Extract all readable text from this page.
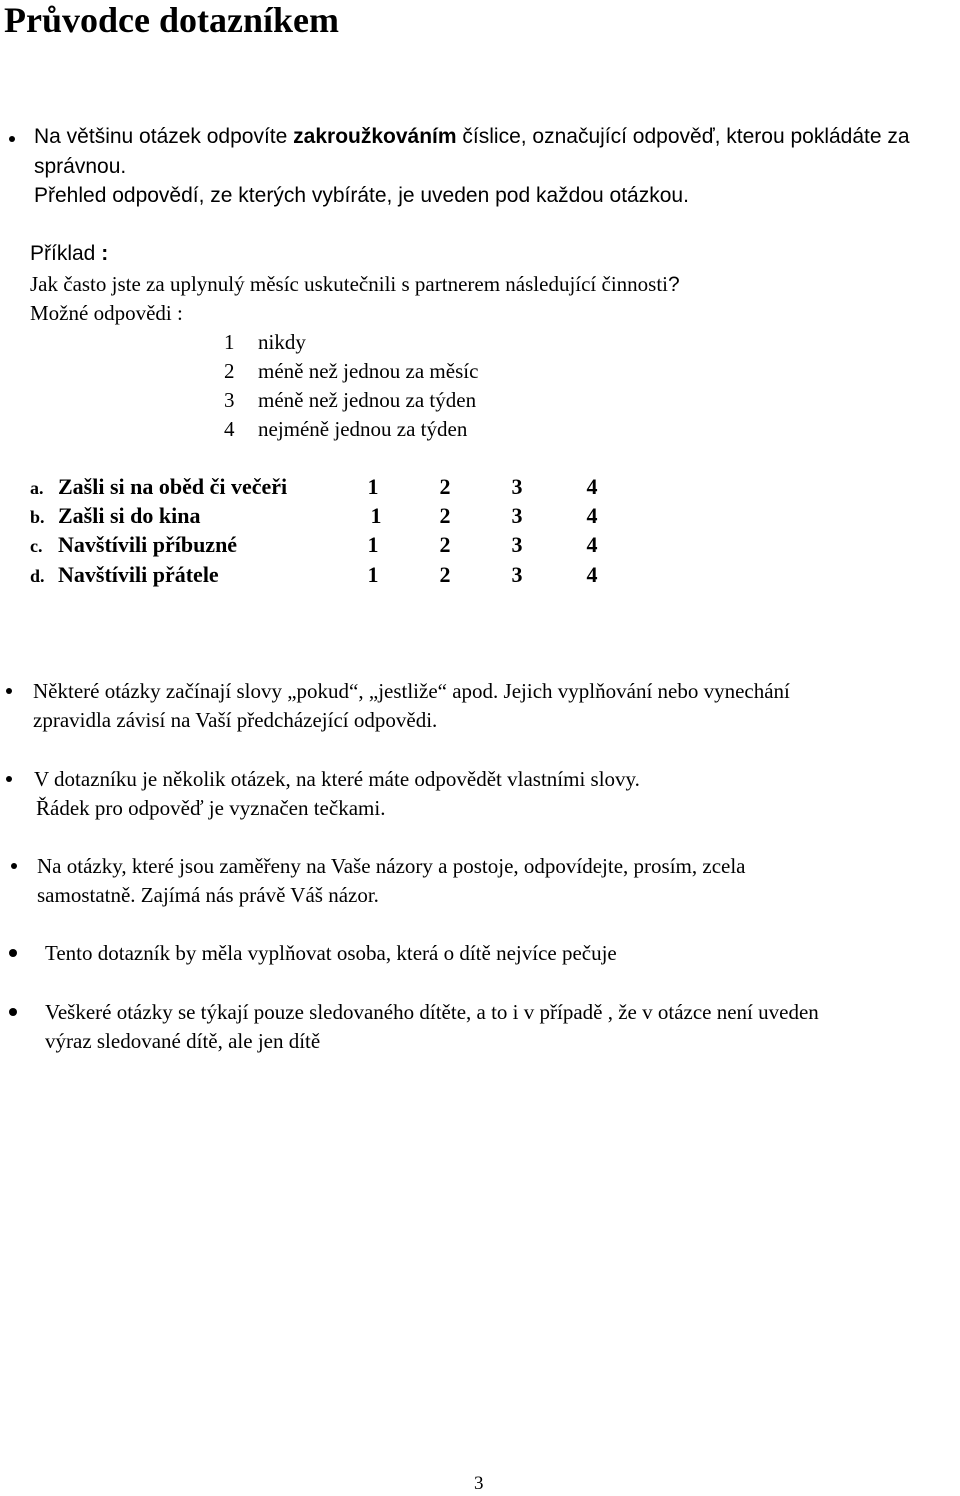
Průvodce dotazníkem
Na většinu otázek odpovíte zakroužkováním číslice, označující odpověď, kterou pokládáte za
správnou.
Přehled odpovědí, ze kterých vybíráte, je uveden pod každou otázkou.
Příklad :
Jak často jste za uplynulý měsíc uskutečnili s partnerem následující činnosti?
Možné odpovědi :
1 nikdy
2 méně než jednou za měsíc
3 méně než jednou za týden
4 nejméně jednou za týden
a. Zašli si na oběd či večeři	1	2	3	4
b. Zašli si do kina	1	2	3	4
c. Navštívili příbuzné	1	2	3	4
d. Navštívili přátele	1	2	3	4
Některé otázky začínají slovy „pokud“, „jestliže“ apod. Jejich vyplňování nebo vynechání
zpravidla závisí na Vaší předcházející odpovědi.
V dotazníku je několik otázek, na které máte odpovědět vlastními slovy.
Řádek pro odpověď je vyznačen tečkami.
Na otázky, které jsou zaměřeny na Vaše názory a postoje, odpovídejte, prosím, zcela
samostatně. Zajímá nás právě Váš názor.
Tento dotazník by měla vyplňovat osoba, která o dítě nejvíce pečuje
Veškeré otázky se týkají pouze sledovaného dítěte, a to i v případě , že v otázce není uveden
výraz sledované dítě, ale jen dítě
3
